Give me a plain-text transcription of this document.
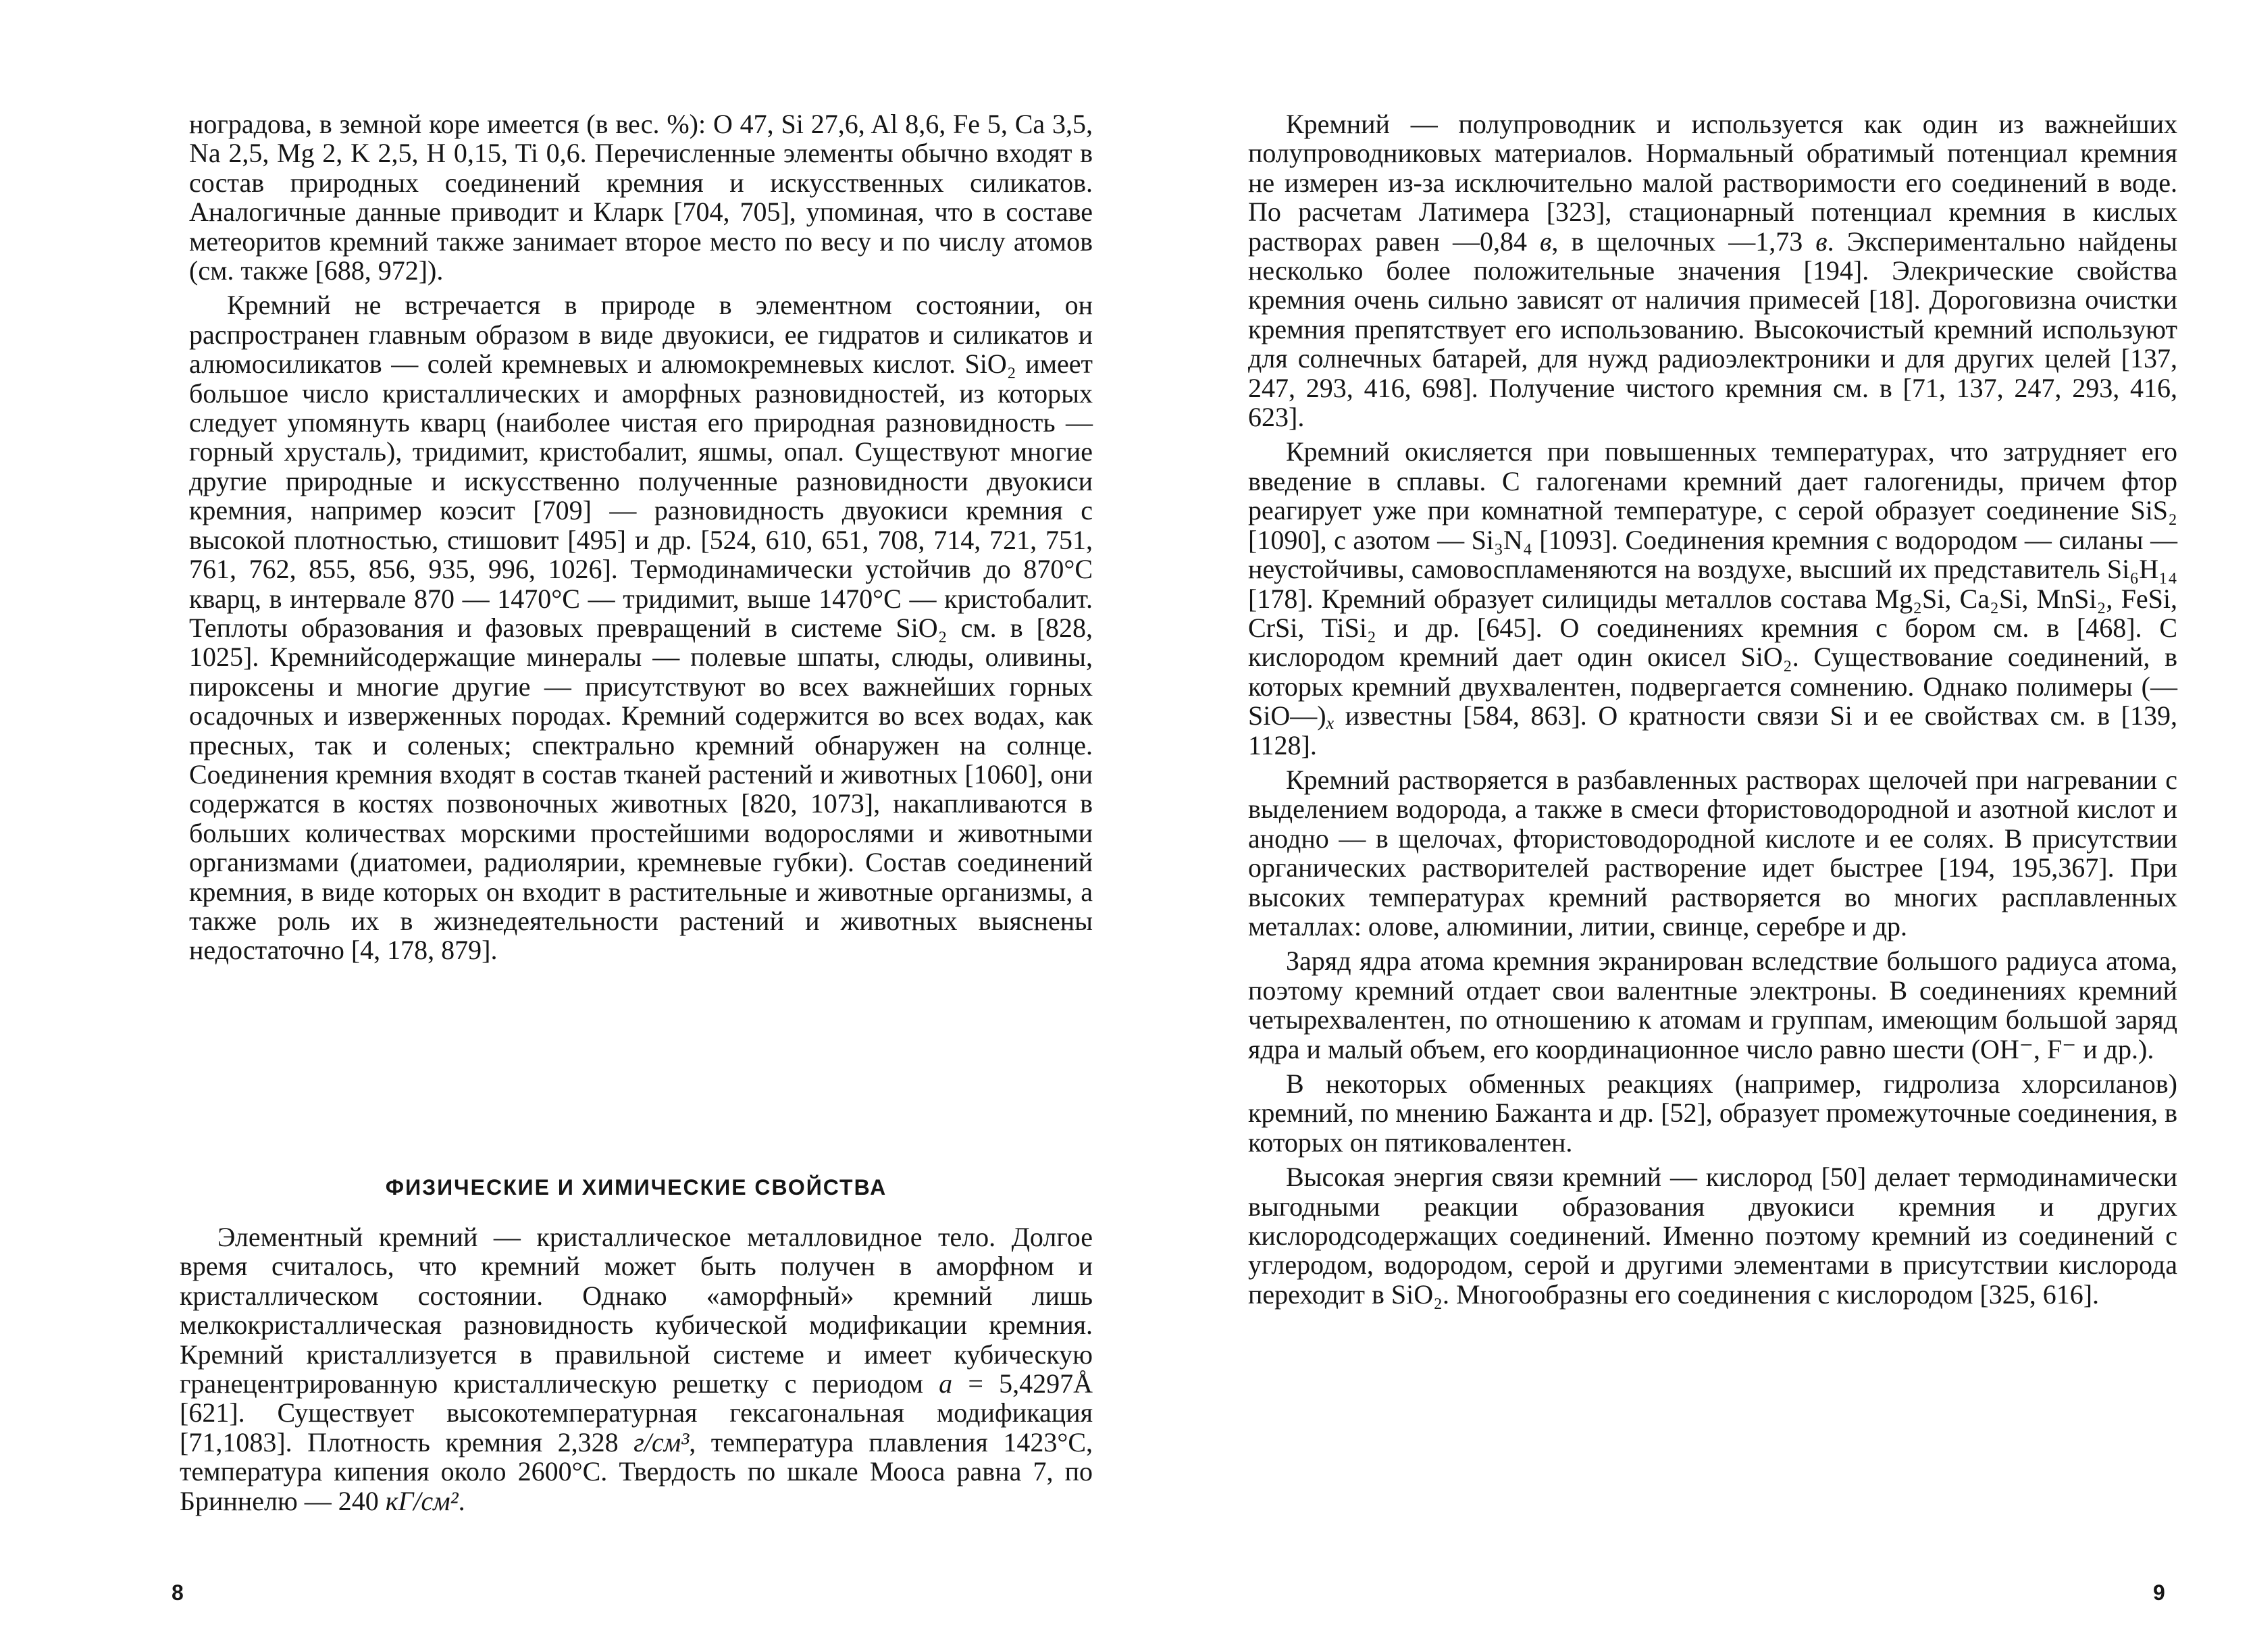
ноградова, в земной коре имеется (в вес. %): O 47, Si 27,6, Al 8,6, Fe 5, Ca 3,5, Na 2,5, Mg 2, K 2,5, H 0,15, Ti 0,6. Перечисленные элементы обычно входят в состав природных соединений кремния и искусственных силикатов. Аналогичные данные приводит и Кларк [704, 705], упоминая, что в составе метеоритов кремний также занимает второе место по весу и по числу атомов (см. также [688, 972]).

Кремний не встречается в природе в элементном состоянии, он распространен главным образом в виде двуокиси, ее гидратов и силикатов и алюмосиликатов — солей кремневых и алюмокремневых кислот. SiO₂ имеет большое число кристаллических и аморфных разновидностей, из которых следует упомянуть кварц (наиболее чистая его природная разновидность — горный хрусталь), тридимит, кристобалит, яшмы, опал. Существуют многие другие природные и искусственно полученные разновидности двуокиси кремния, например коэсит [709] — разновидность двуокиси кремния с высокой плотностью, стишовит [495] и др. [524, 610, 651, 708, 714, 721, 751, 761, 762, 855, 856, 935, 996, 1026]. Термодинамически устойчив до 870°C кварц, в интервале 870 — 1470°C — тридимит, выше 1470°C — кристобалит. Теплоты образования и фазовых превращений в системе SiO₂ см. в [828, 1025]. Кремнийсодержащие минералы — полевые шпаты, слюды, оливины, пироксены и многие другие — присутствуют во всех важнейших горных осадочных и изверженных породах. Кремний содержится во всех водах, как пресных, так и соленых; спектрально кремний обнаружен на солнце. Соединения кремния входят в состав тканей растений и животных [1060], они содержатся в костях позвоночных животных [820, 1073], накапливаются в больших количествах морскими простейшими водорослями и животными организмами (диатомеи, радиолярии, кремневые губки). Состав соединений кремния, в виде которых он входит в растительные и животные организмы, а также роль их в жизнедеятельности растений и животных выяснены недостаточно [4, 178, 879].

ФИЗИЧЕСКИЕ И ХИМИЧЕСКИЕ СВОЙСТВА

Элементный кремний — кристаллическое металловидное тело. Долгое время считалось, что кремний может быть получен в аморфном и кристаллическом состоянии. Однако «аморфный» кремний лишь мелкокристаллическая разновидность кубической модификации кремния. Кремний кристаллизуется в правильной системе и имеет кубическую гранецентрированную кристаллическую решетку с периодом a = 5,4297Å [621]. Существует высокотемпературная гексагональная модификация [71,1083]. Плотность кремния 2,328 г/см³, температура плавления 1423°C, температура кипения около 2600°C. Твердость по шкале Мооса равна 7, по Бриннелю — 240 кГ/см².

8

Кремний — полупроводник и используется как один из важнейших полупроводниковых материалов. Нормальный обратимый потенциал кремния не измерен из-за исключительно малой растворимости его соединений в воде. По расчетам Латимера [323], стационарный потенциал кремния в кислых растворах равен —0,84 в, в щелочных —1,73 в. Экспериментально найдены несколько более положительные значения [194]. Элекрические свойства кремния очень сильно зависят от наличия примесей [18]. Дороговизна очистки кремния препятствует его использованию. Высокочистый кремний используют для солнечных батарей, для нужд радиоэлектроники и для других целей [137, 247, 293, 416, 698]. Получение чистого кремния см. в [71, 137, 247, 293, 416, 623].

Кремний окисляется при повышенных температурах, что затрудняет его введение в сплавы. С галогенами кремний дает галогениды, причем фтор реагирует уже при комнатной температуре, с серой образует соединение SiS₂ [1090], с азотом — Si₃N₄ [1093]. Соединения кремния с водородом — силаны — неустойчивы, самовоспламеняются на воздухе, высший их представитель Si₆H₁₄ [178]. Кремний образует силициды металлов состава Mg₂Si, Ca₂Si, MnSi₂, FeSi, CrSi, TiSi₂ и др. [645]. О соединениях кремния с бором см. в [468]. С кислородом кремний дает один окисел SiO₂. Существование соединений, в которых кремний двухвалентен, подвергается сомнению. Однако полимеры $(—SiO—)_x$ известны [584, 863]. О кратности связи Si и ее свойствах см. в [139, 1128].

Кремний растворяется в разбавленных растворах щелочей при нагревании с выделением водорода, а также в смеси фтористоводородной и азотной кислот и анодно — в щелочах, фтористоводородной кислоте и ее солях. В присутствии органических растворителей растворение идет быстрее [194, 195,367]. При высоких температурах кремний растворяется во многих расплавленных металлах: олове, алюминии, литии, свинце, серебре и др.

Заряд ядра атома кремния экранирован вследствие большого радиуса атома, поэтому кремний отдает свои валентные электроны. В соединениях кремний четырехвалентен, по отношению к атомам и группам, имеющим большой заряд ядра и малый объем, его координационное число равно шести (OH⁻, F⁻ и др.).

В некоторых обменных реакциях (например, гидролиза хлорсиланов) кремний, по мнению Бажанта и др. [52], образует промежуточные соединения, в которых он пятиковалентен.

Высокая энергия связи кремний — кислород [50] делает термодинамически выгодными реакции образования двуокиси кремния и других кислородсодержащих соединений. Именно поэтому кремний из соединений с углеродом, водородом, серой и другими элементами в присутствии кислорода переходит в SiO₂. Многообразны его соединения с кислородом [325, 616].

9
